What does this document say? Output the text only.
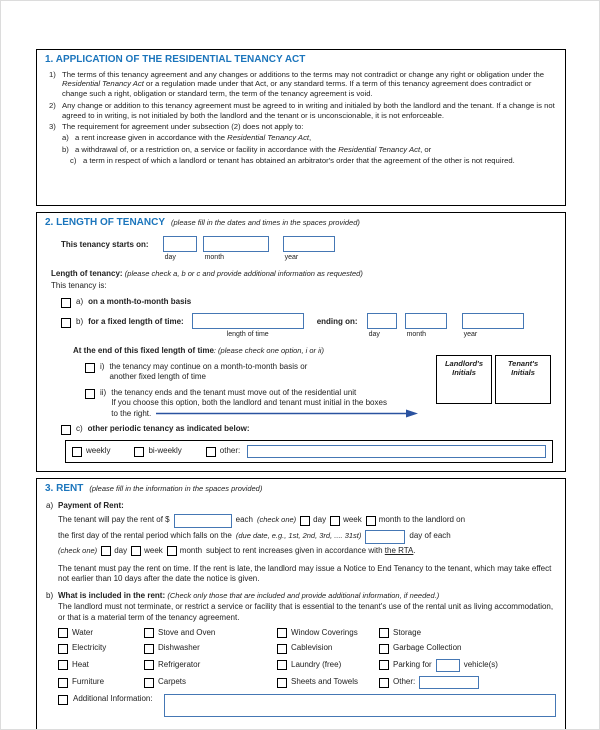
1. APPLICATION OF THE RESIDENTIAL TENANCY ACT
1) The terms of this tenancy agreement and any changes or additions to the terms may not contradict or change any right or obligation under the Residential Tenancy Act or a regulation made under that Act, or any standard terms. If a term of this tenancy agreement does contradict or change such a right, obligation or standard term, the term of the tenancy agreement is void.
2) Any change or addition to this tenancy agreement must be agreed to in writing and initialed by both the landlord and the tenant. If a change is not agreed to in writing, is not initialed by both the landlord and the tenant or is unconscionable, it is not enforceable.
3) The requirement for agreement under subsection (2) does not apply to:
a) a rent increase given in accordance with the Residential Tenancy Act,
b) a withdrawal of, or a restriction on, a service or facility in accordance with the Residential Tenancy Act, or
c) a term in respect of which a landlord or tenant has obtained an arbitrator's order that the agreement of the other is not required.
2. LENGTH OF TENANCY (please fill in the dates and times in the spaces provided)
Landlord's Initials
Tenant's Initials
This tenancy starts on:
day	month	year
Length of tenancy: (please check a, b or c and provide additional information as requested)
This tenancy is:
a) on a month-to-month basis
b) for a fixed length of time:
length of time
ending on:
day	month	year
At the end of this fixed length of time: (please check one option, i or ii)
i) the tenancy may continue on a month-to-month basis or
another fixed length of time
ii) the tenancy ends and the tenant must move out of the residential unit
If you choose this option, both the landlord and tenant must initial in the boxes
to the right.
c) other periodic tenancy as indicated below:
weekly	bi-weekly	other:
3. RENT (please fill in the information in the spaces provided)
a) Payment of Rent:
The tenant will pay the rent of $	each (check one) day week month to the landlord on
the first day of the rental period which falls on the (due date, e.g., 1st, 2nd, 3rd, .... 31st)	day of each
(check one) day week month subject to rent increases given in accordance with the RTA.

The tenant must pay the rent on time. If the rent is late, the landlord may issue a Notice to End Tenancy to the tenant, which may take effect not earlier than 10 days after the date the notice is given.

b) What is included in the rent: (Check only those that are included and provide additional information, if needed.)
The landlord must not terminate, or restrict a service or facility that is essential to the tenant's use of the rental unit as living accommodation, or that is a material term of the tenancy agreement.
Water	Stove and Oven	Window Coverings	Storage
Electricity	Dishwasher	Cablevision	Garbage Collection
Heat	Refrigerator	Laundry (free)	Parking for	vehicle(s)
Furniture	Carpets	Sheets and Towels	Other:
Additional Information:
